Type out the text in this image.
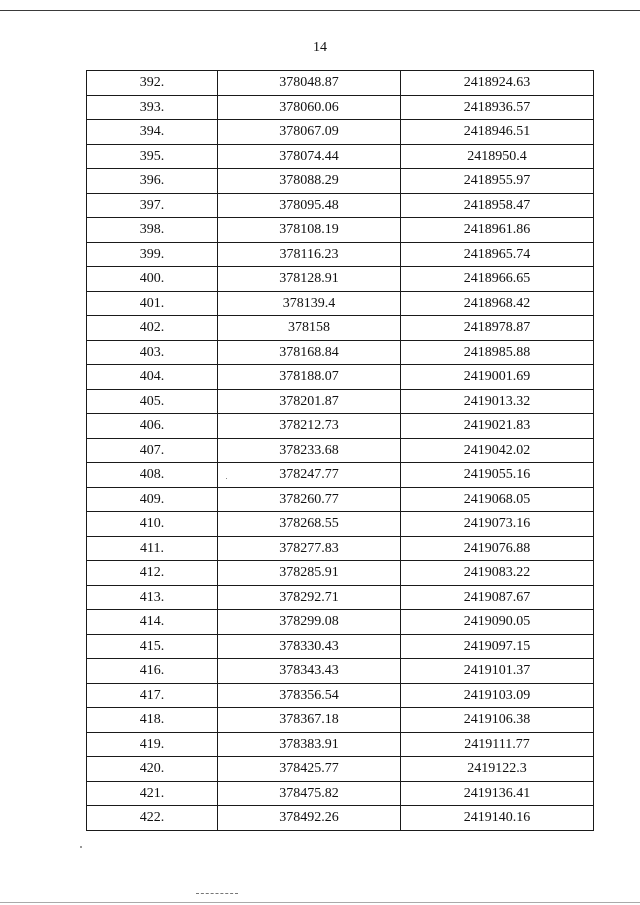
14
392.	378048.87	2418924.63
393.	378060.06	2418936.57
394.	378067.09	2418946.51
395.	378074.44	2418950.4
396.	378088.29	2418955.97
397.	378095.48	2418958.47
398.	378108.19	2418961.86
399.	378116.23	2418965.74
400.	378128.91	2418966.65
401.	378139.4	2418968.42
402.	378158	2418978.87
403.	378168.84	2418985.88
404.	378188.07	2419001.69
405.	378201.87	2419013.32
406.	378212.73	2419021.83
407.	378233.68	2419042.02
408.	378247.77	2419055.16
409.	378260.77	2419068.05
410.	378268.55	2419073.16
411.	378277.83	2419076.88
412.	378285.91	2419083.22
413.	378292.71	2419087.67
414.	378299.08	2419090.05
415.	378330.43	2419097.15
416.	378343.43	2419101.37
417.	378356.54	2419103.09
418.	378367.18	2419106.38
419.	378383.91	2419111.77
420.	378425.77	2419122.3
421.	378475.82	2419136.41
422.	378492.26	2419140.16
